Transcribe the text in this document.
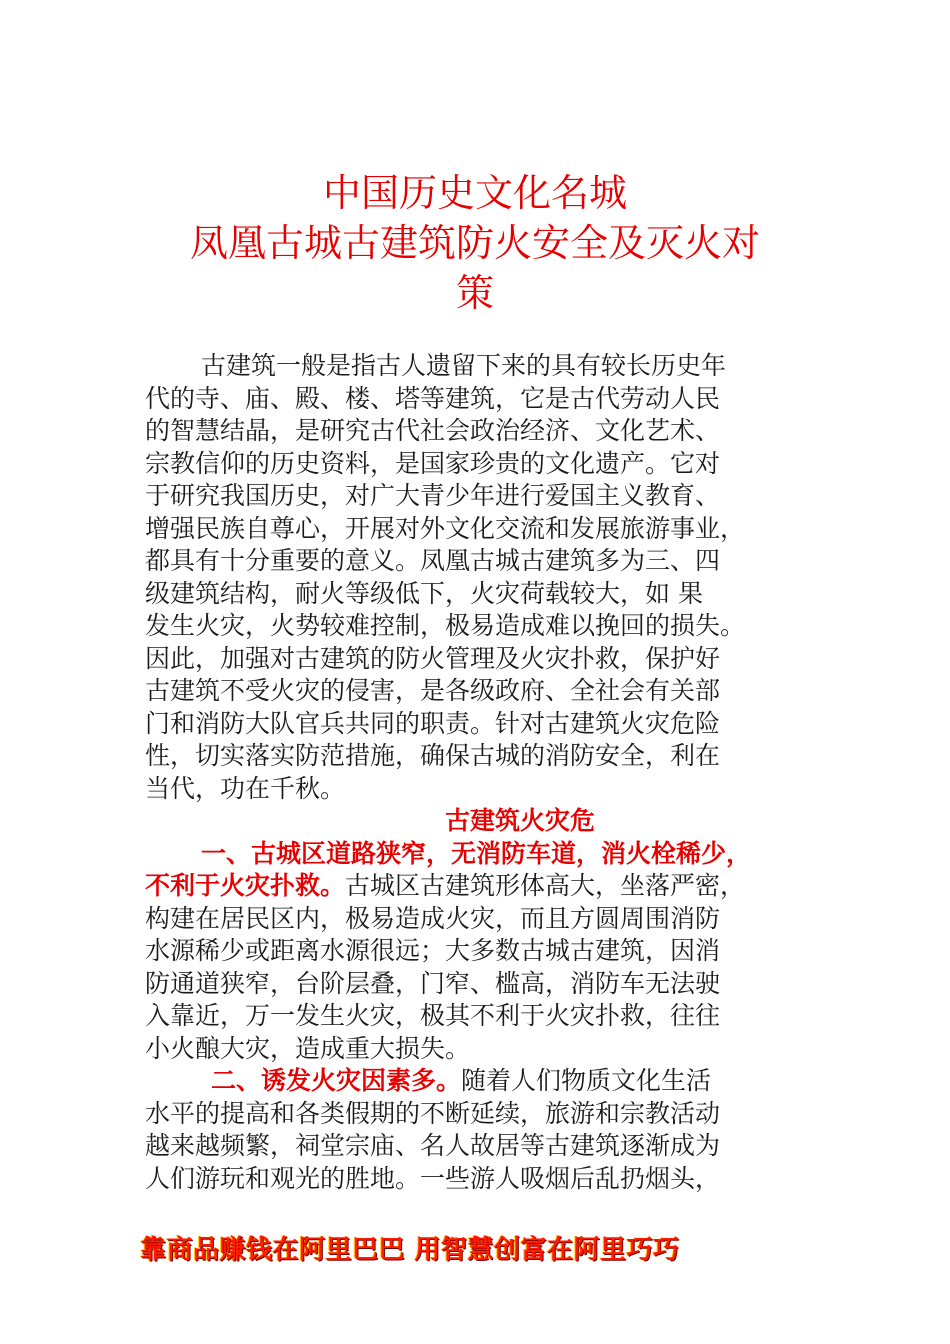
中国历史文化名城
凤凰古城古建筑防火安全及灭火对
策
古建筑一般是指古人遗留下来的具有较长历史年
代的寺、庙、殿、楼、塔等建筑，它是古代劳动人民
的智慧结晶，是研究古代社会政治经济、文化艺术、
宗教信仰的历史资料，是国家珍贵的文化遗产。它对
于研究我国历史，对广大青少年进行爱国主义教育、
增强民族自尊心，开展对外文化交流和发展旅游事业，
都具有十分重要的意义。凤凰古城古建筑多为三、四
级建筑结构，耐火等级低下，火灾荷载较大，如 果
发生火灾，火势较难控制，极易造成难以挽回的损失。
因此，加强对古建筑的防火管理及火灾扑救，保护好
古建筑不受火灾的侵害，是各级政府、全社会有关部
门和消防大队官兵共同的职责。针对古建筑火灾危险
性，切实落实防范措施，确保古城的消防安全，利在
当代，功在千秋。
古建筑火灾危
一、古城区道路狭窄，无消防车道，消火栓稀少，
不利于火灾扑救。古城区古建筑形体高大，坐落严密，
构建在居民区内，极易造成火灾，而且方圆周围消防
水源稀少或距离水源很远；大多数古城古建筑，因消
防通道狭窄，台阶层叠，门窄、槛高，消防车无法驶
入靠近，万一发生火灾，极其不利于火灾扑救，往往
小火酿大灾，造成重大损失。
二、诱发火灾因素多。随着人们物质文化生活
水平的提高和各类假期的不断延续，旅游和宗教活动
越来越频繁，祠堂宗庙、名人故居等古建筑逐渐成为
人们游玩和观光的胜地。一些游人吸烟后乱扔烟头，
靠商品赚钱在阿里巴巴 用智慧创富在阿里巧巧
